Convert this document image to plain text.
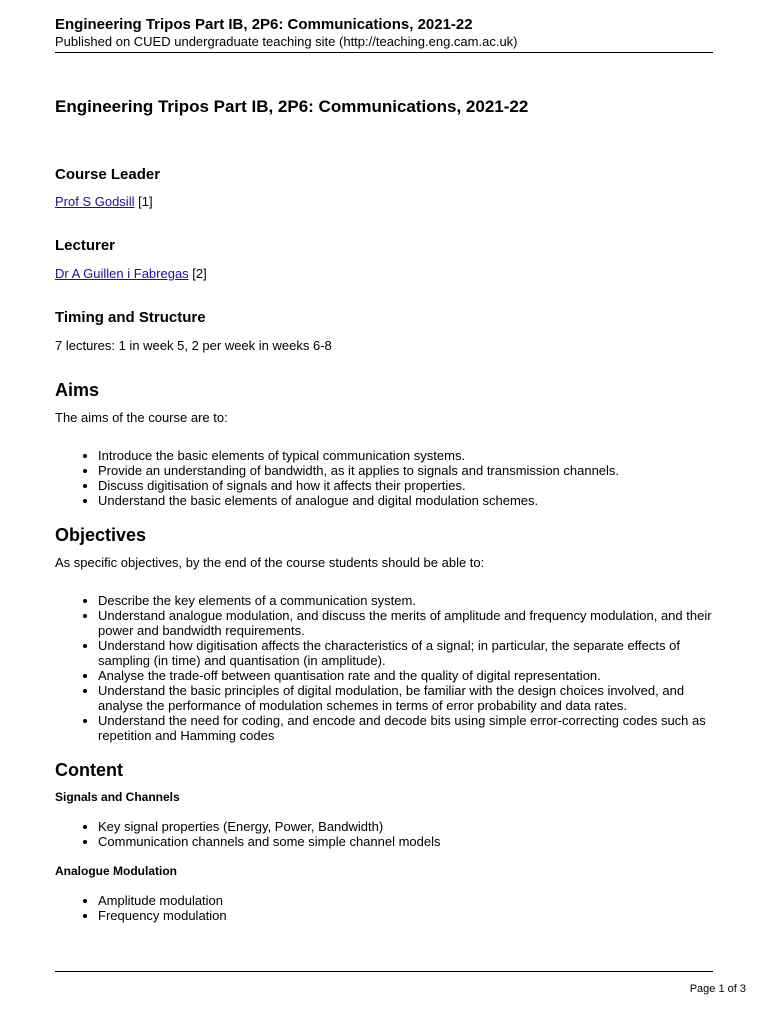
Engineering Tripos Part IB, 2P6: Communications, 2021-22
Published on CUED undergraduate teaching site (http://teaching.eng.cam.ac.uk)
Engineering Tripos Part IB, 2P6: Communications, 2021-22
Course Leader

Prof S Godsill [1]

Lecturer

Dr A Guillen i Fabregas [2]

Timing and Structure

7 lectures: 1 in week 5, 2 per week in weeks 6-8

Aims

The aims of the course are to:

• Introduce the basic elements of typical communication systems.
• Provide an understanding of bandwidth, as it applies to signals and transmission channels.
• Discuss digitisation of signals and how it affects their properties.
• Understand the basic elements of analogue and digital modulation schemes.
Objectives

As specific objectives, by the end of the course students should be able to:

• Describe the key elements of a communication system.
• Understand analogue modulation, and discuss the merits of amplitude and frequency modulation, and their power and bandwidth requirements.
• Understand how digitisation affects the characteristics of a signal; in particular, the separate effects of sampling (in time) and quantisation (in amplitude).
• Analyse the trade-off between quantisation rate and the quality of digital representation.
• Understand the basic principles of digital modulation, be familiar with the design choices involved, and analyse the performance of modulation schemes in terms of error probability and data rates.
• Understand the need for coding, and encode and decode bits using simple error-correcting codes such as repetition and Hamming codes
Content
Signals and Channels
• Key signal properties (Energy, Power, Bandwidth)
• Communication channels and some simple channel models
Analogue Modulation
• Amplitude modulation
• Frequency modulation
Page 1 of 3
